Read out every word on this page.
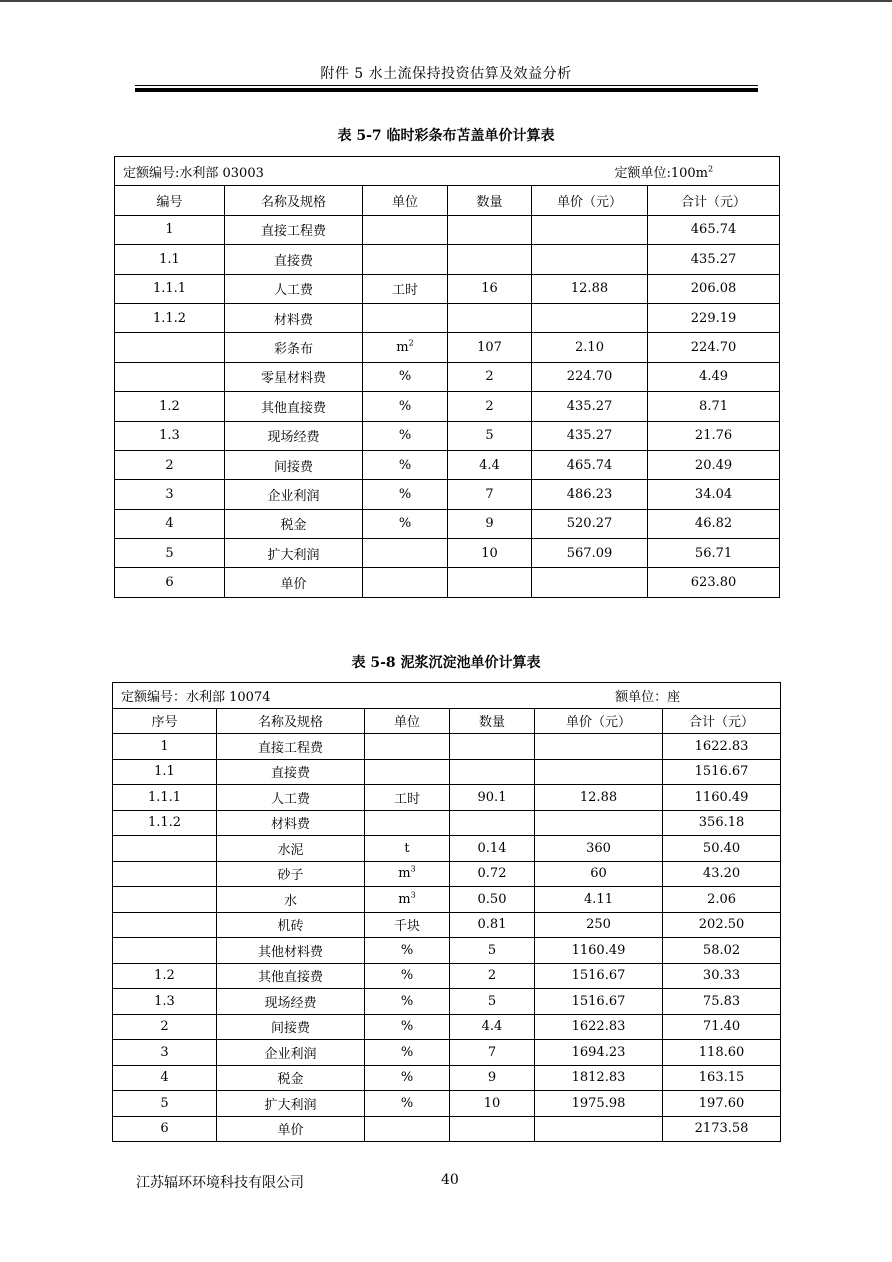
附件 5 水土流保持投资估算及效益分析
表 5-7 临时彩条布苫盖单价计算表
定额编号:水利部 03003 定额单位$:100m^2$

编号	名称及规格	单位	数量	单价（元）	合计（元）
1	直接工程费				465.74
1.1	直接费				435.27
1.1.1	人工费	工时	16	12.88	206.08
1.1.2	材料费				229.19
	彩条布	$m^2$	107	2.10	224.70
	零星材料费	%	2	224.70	4.49
1.2	其他直接费	%	2	435.27	8.71
1.3	现场经费	%	5	435.27	21.76
2	间接费	%	4.4	465.74	20.49
3	企业利润	%	7	486.23	34.04
4	税金	%	9	520.27	46.82
5	扩大利润		10	567.09	56.71
6	单价				623.80
表 5-8 泥浆沉淀池单价计算表
定额编号：水利部 10074 额单位：座					

序号	名称及规格	单位	数量	单价（元）	合计（元）
1	直接工程费				1622.83
1.1	直接费				1516.67
1.1.1	人工费	工时	90.1	12.88	1160.49
1.1.2	材料费				356.18
	水泥	t	0.14	360	50.40
	砂子	$m^3$	0.72	60	43.20
	水	$m^3$	0.50	4.11	2.06
	机砖	千块	0.81	250	202.50
	其他材料费	%	5	1160.49	58.02
1.2	其他直接费	%	2	1516.67	30.33
1.3	现场经费	%	5	1516.67	75.83
2	间接费	%	4.4	1622.83	71.40
3	企业利润	%	7	1694.23	118.60
4	税金	%	9	1812.83	163.15
5	扩大利润	%	10	1975.98	197.60
6	单价				2173.58
江苏辐环环境科技有限公司	40
